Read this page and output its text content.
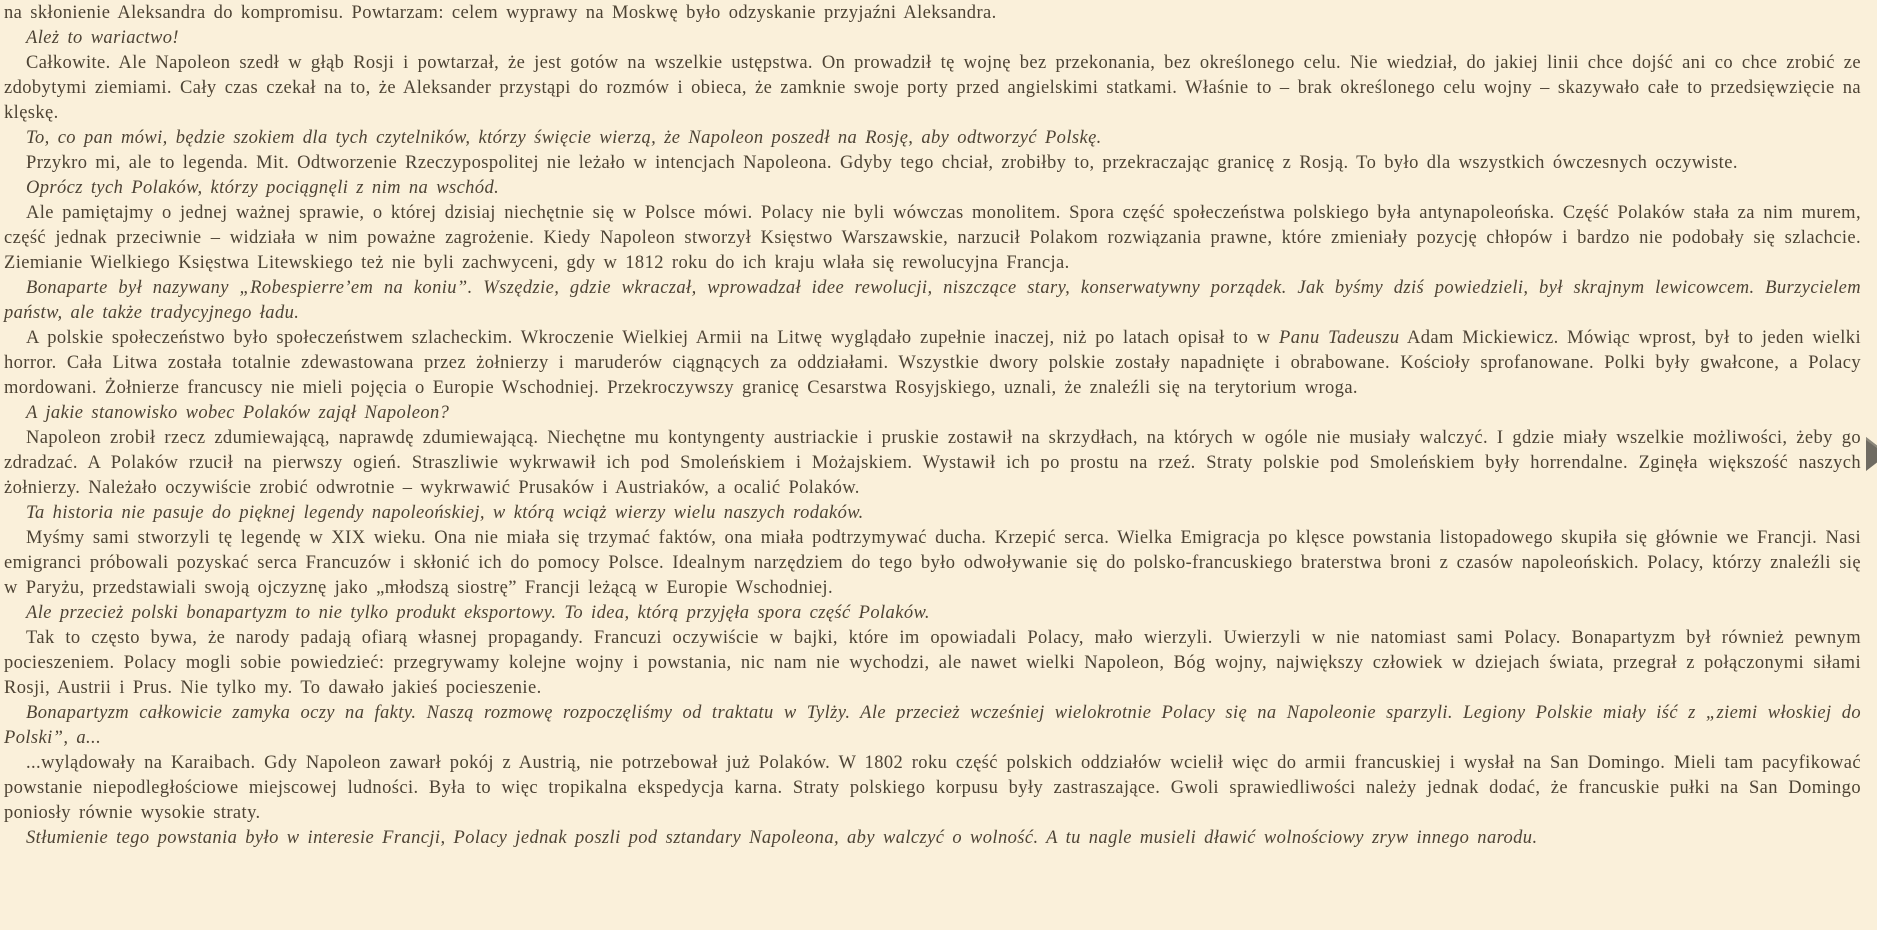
na skłonienie Aleksandra do kompromisu. Powtarzam: celem wyprawy na Moskwę było odzyskanie przyjaźni Aleksandra.

Ależ to wariactwo!

Całkowite. Ale Napoleon szedł w głąb Rosji i powtarzał, że jest gotów na wszelkie ustępstwa. On prowadził tę wojnę bez przekonania, bez określonego celu. Nie wiedział, do jakiej linii chce dojść ani co chce zrobić ze zdobytymi ziemiami. Cały czas czekał na to, że Aleksander przystąpi do rozmów i obieca, że zamknie swoje porty przed angielskimi statkami. Właśnie to – brak określonego celu wojny – skazywało całe to przedsięwzięcie na klęskę.

To, co pan mówi, będzie szokiem dla tych czytelników, którzy święcie wierzą, że Napoleon poszedł na Rosję, aby odtworzyć Polskę.

Przykro mi, ale to legenda. Mit. Odtworzenie Rzeczypospolitej nie leżało w intencjach Napoleona. Gdyby tego chciał, zrobiłby to, przekraczając granicę z Rosją. To było dla wszystkich ówczesnych oczywiste.

Oprócz tych Polaków, którzy pociągnęli z nim na wschód.

Ale pamiętajmy o jednej ważnej sprawie, o której dzisiaj niechętnie się w Polsce mówi. Polacy nie byli wówczas monolitem. Spora część społeczeństwa polskiego była antynapoleońska. Część Polaków stała za nim murem, część jednak przeciwnie – widziała w nim poważne zagrożenie. Kiedy Napoleon stworzył Księstwo Warszawskie, narzucił Polakom rozwiązania prawne, które zmieniały pozycję chłopów i bardzo nie podobały się szlachcie. Ziemianie Wielkiego Księstwa Litewskiego też nie byli zachwyceni, gdy w 1812 roku do ich kraju wlała się rewolucyjna Francja.

Bonaparte był nazywany „Robespierre’em na koniu”. Wszędzie, gdzie wkraczał, wprowadzał idee rewolucji, niszczące stary, konserwatywny porządek. Jak byśmy dziś powiedzieli, był skrajnym lewicowcem. Burzycielem państw, ale także tradycyjnego ładu.

A polskie społeczeństwo było społeczeństwem szlacheckim. Wkroczenie Wielkiej Armii na Litwę wyglądało zupełnie inaczej, niż po latach opisał to w Panu Tadeuszu Adam Mickiewicz. Mówiąc wprost, był to jeden wielki horror. Cała Litwa została totalnie zdewastowana przez żołnierzy i maruderów ciągnących za oddziałami. Wszystkie dwory polskie zostały napadnięte i obrabowane. Kościoły sprofanowane. Polki były gwałcone, a Polacy mordowani. Żołnierze francuscy nie mieli pojęcia o Europie Wschodniej. Przekroczywszy granicę Cesarstwa Rosyjskiego, uznali, że znaleźli się na terytorium wroga.

A jakie stanowisko wobec Polaków zajął Napoleon?

Napoleon zrobił rzecz zdumiewającą, naprawdę zdumiewającą. Niechętne mu kontyngenty austriackie i pruskie zostawił na skrzydłach, na których w ogóle nie musiały walczyć. I gdzie miały wszelkie możliwości, żeby go zdradzać. A Polaków rzucił na pierwszy ogień. Straszliwie wykrwawił ich pod Smoleńskiem i Możajskiem. Wystawił ich po prostu na rzeź. Straty polskie pod Smoleńskiem były horrendalne. Zginęła większość naszych żołnierzy. Należało oczywiście zrobić odwrotnie – wykrwawić Prusaków i Austriaków, a ocalić Polaków.

Ta historia nie pasuje do pięknej legendy napoleońskiej, w którą wciąż wierzy wielu naszych rodaków.

Myśmy sami stworzyli tę legendę w XIX wieku. Ona nie miała się trzymać faktów, ona miała podtrzymywać ducha. Krzepić serca. Wielka Emigracja po klęsce powstania listopadowego skupiła się głównie we Francji. Nasi emigranci próbowali pozyskać serca Francuzów i skłonić ich do pomocy Polsce. Idealnym narzędziem do tego było odwoływanie się do polsko-francuskiego braterstwa broni z czasów napoleońskich. Polacy, którzy znaleźli się w Paryżu, przedstawiali swoją ojczyznę jako „młodszą siostrę” Francji leżącą w Europie Wschodniej.

Ale przecież polski bonapartyzm to nie tylko produkt eksportowy. To idea, którą przyjęła spora część Polaków.

Tak to często bywa, że narody padają ofiarą własnej propagandy. Francuzi oczywiście w bajki, które im opowiadali Polacy, mało wierzyli. Uwierzyli w nie natomiast sami Polacy. Bonapartyzm był również pewnym pocieszeniem. Polacy mogli sobie powiedzieć: przegrywamy kolejne wojny i powstania, nic nam nie wychodzi, ale nawet wielki Napoleon, Bóg wojny, największy człowiek w dziejach świata, przegrał z połączonymi siłami Rosji, Austrii i Prus. Nie tylko my. To dawało jakieś pocieszenie.

Bonapartyzm całkowicie zamyka oczy na fakty. Naszą rozmowę rozpoczęliśmy od traktatu w Tylży. Ale przecież wcześniej wielokrotnie Polacy się na Napoleonie sparzyli. Legiony Polskie miały iść z „ziemi włoskiej do Polski”, a...

...wylądowały na Karaibach. Gdy Napoleon zawarł pokój z Austrią, nie potrzebował już Polaków. W 1802 roku część polskich oddziałów wcielił więc do armii francuskiej i wysłał na San Domingo. Mieli tam pacyfikować powstanie niepodległościowe miejscowej ludności. Była to więc tropikalna ekspedycja karna. Straty polskiego korpusu były zastraszające. Gwoli sprawiedliwości należy jednak dodać, że francuskie pułki na San Domingo poniosły równie wysokie straty.

Stłumienie tego powstania było w interesie Francji, Polacy jednak poszli pod sztandary Napoleona, aby walczyć o wolność. A tu nagle musieli dławić wolnościowy zryw innego narodu.
